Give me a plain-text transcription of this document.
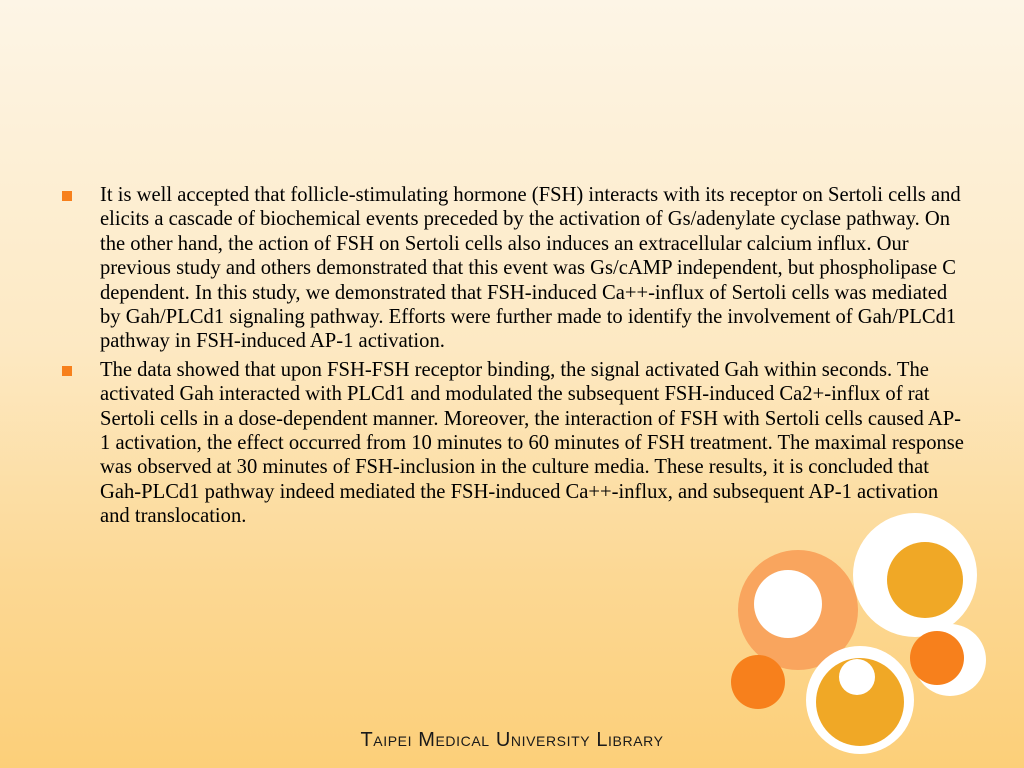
It is well accepted that follicle-stimulating hormone (FSH) interacts with its receptor on Sertoli cells and elicits a cascade of biochemical events preceded by the activation of Gs/adenylate cyclase pathway. On the other hand, the action of FSH on Sertoli cells also induces an extracellular calcium influx. Our previous study and others demonstrated that this event was Gs/cAMP independent, but phospholipase C dependent. In this study, we demonstrated that FSH-induced Ca++-influx of Sertoli cells was mediated by Gah/PLCd1 signaling pathway. Efforts were further made to identify the involvement of Gah/PLCd1 pathway in FSH-induced AP-1 activation.
The data showed that upon FSH-FSH receptor binding, the signal activated Gah within seconds. The activated Gah interacted with PLCd1 and modulated the subsequent FSH-induced Ca2+-influx of rat Sertoli cells in a dose-dependent manner. Moreover, the interaction of FSH with Sertoli cells caused AP-1 activation, the effect occurred from 10 minutes to 60 minutes of FSH treatment. The maximal response was observed at 30 minutes of FSH-inclusion in the culture media. These results, it is concluded that Gah-PLCd1 pathway indeed mediated the FSH-induced Ca++-influx, and subsequent AP-1 activation and translocation.
Taipei Medical University Library
